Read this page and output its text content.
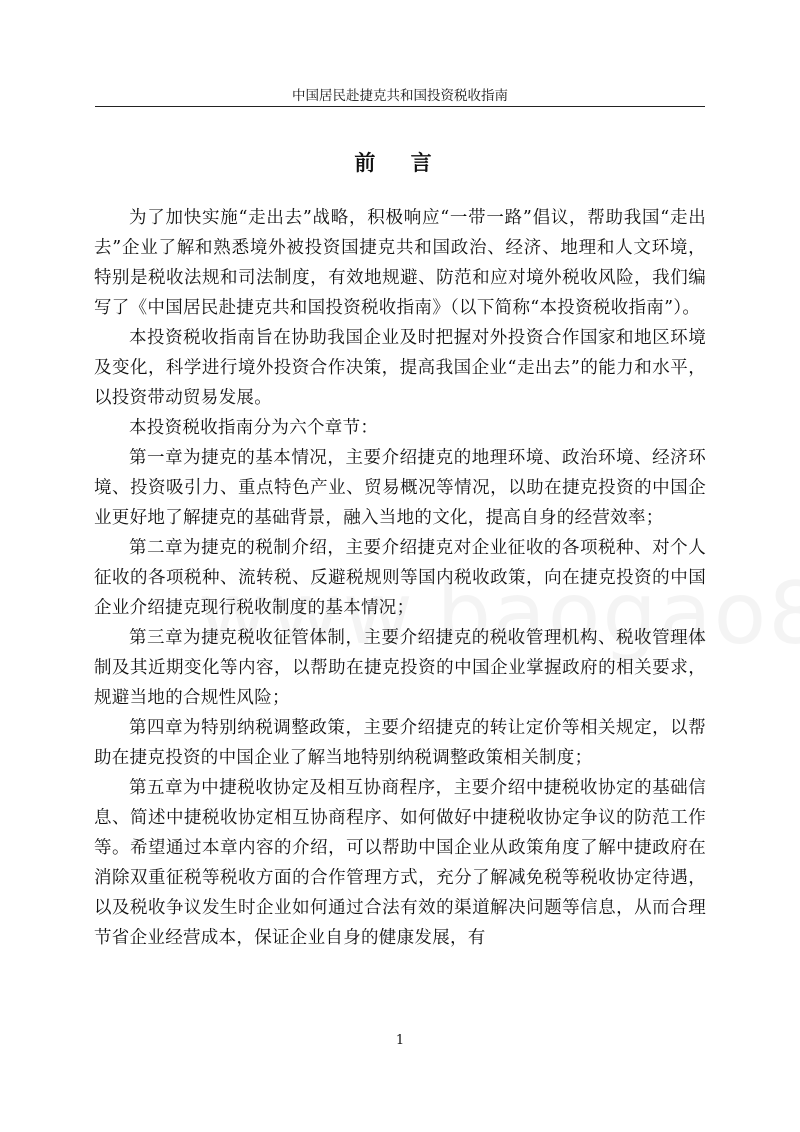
中国居民赴捷克共和国投资税收指南
前 言

为了加快实施“走出去”战略，积极响应“一带一路”倡议，帮助我国“走出去”企业了解和熟悉境外被投资国捷克共和国政治、经济、地理和人文环境，特别是税收法规和司法制度，有效地规避、防范和应对境外税收风险，我们编写了《中国居民赴捷克共和国投资税收指南》（以下简称“本投资税收指南”）。

本投资税收指南旨在协助我国企业及时把握对外投资合作国家和地区环境及变化，科学进行境外投资合作决策，提高我国企业“走出去”的能力和水平，以投资带动贸易发展。

本投资税收指南分为六个章节：

第一章为捷克的基本情况，主要介绍捷克的地理环境、政治环境、经济环境、投资吸引力、重点特色产业、贸易概况等情况，以助在捷克投资的中国企业更好地了解捷克的基础背景，融入当地的文化，提高自身的经营效率；

第二章为捷克的税制介绍，主要介绍捷克对企业征收的各项税种、对个人征收的各项税种、流转税、反避税规则等国内税收政策，向在捷克投资的中国企业介绍捷克现行税收制度的基本情况；

第三章为捷克税收征管体制，主要介绍捷克的税收管理机构、税收管理体制及其近期变化等内容，以帮助在捷克投资的中国企业掌握政府的相关要求，规避当地的合规性风险；

第四章为特别纳税调整政策，主要介绍捷克的转让定价等相关规定，以帮助在捷克投资的中国企业了解当地特别纳税调整政策相关制度；

第五章为中捷税收协定及相互协商程序，主要介绍中捷税收协定的基础信息、简述中捷税收协定相互协商程序、如何做好中捷税收协定争议的防范工作等。希望通过本章内容的介绍，可以帮助中国企业从政策角度了解中捷政府在消除双重征税等税收方面的合作管理方式，充分了解减免税等税收协定待遇，以及税收争议发生时企业如何通过合法有效的渠道解决问题等信息，从而合理节省企业经营成本，保证企业自身的健康发展，有

1
